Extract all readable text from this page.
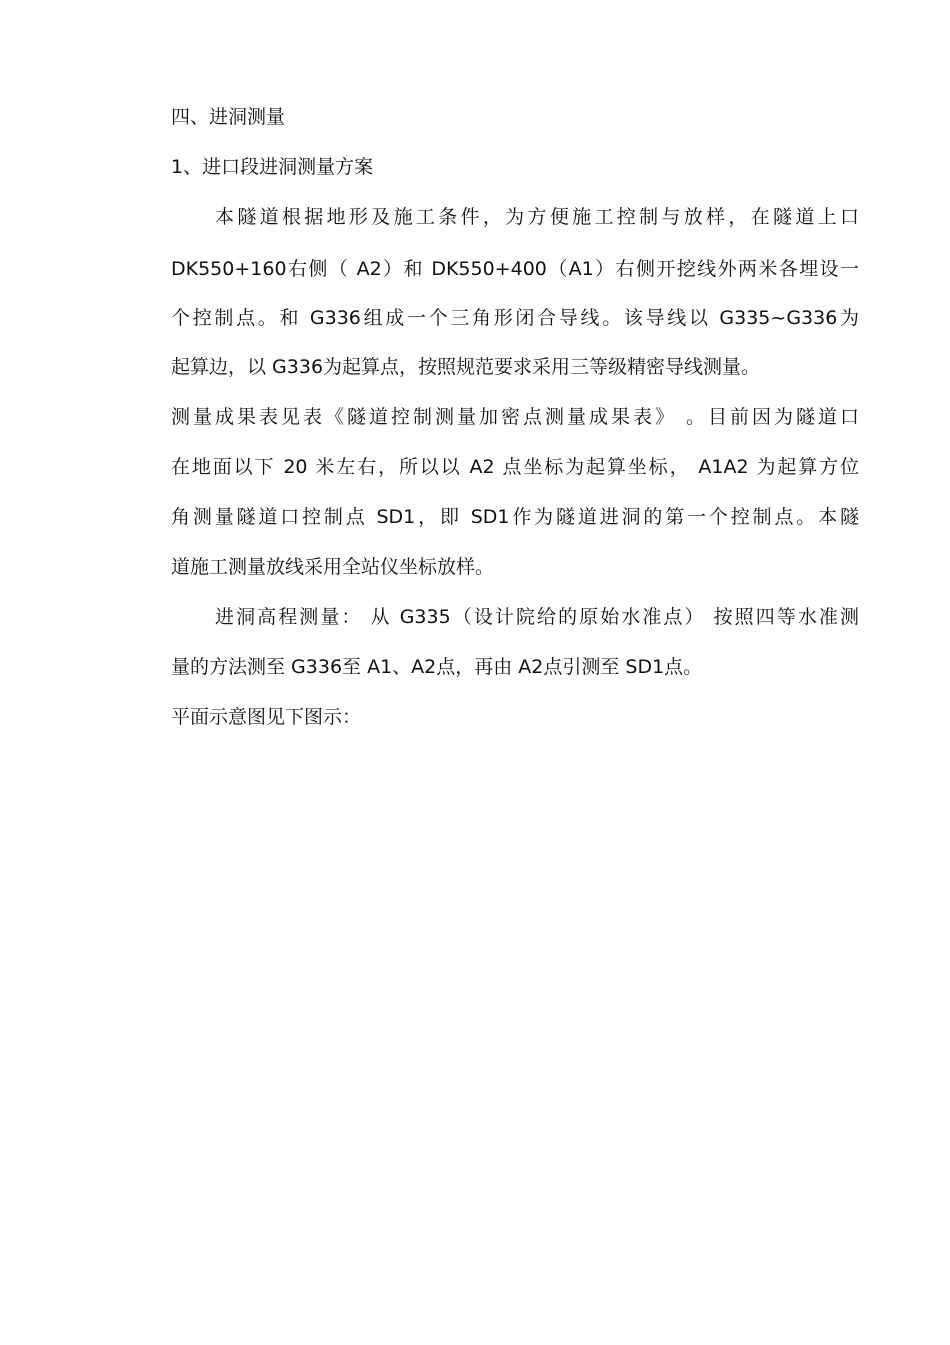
四、进洞测量
1、进口段进洞测量方案
本隧道根据地形及施工条件，为方便施工控制与放样，在隧道上口
DK550+160右侧（ A2）和 DK550+400（A1）右侧开挖线外两米各埋设一
个控制点。和 G336组成一个三角形闭合导线。该导线以 G335~G336为
起算边，以 G336为起算点，按照规范要求采用三等级精密导线测量。
测量成果表见表《隧道控制测量加密点测量成果表》 。目前因为隧道口
在地面以下 20 米左右，所以以 A2 点坐标为起算坐标， A1A2 为起算方位
角测量隧道口控制点 SD1，即 SD1作为隧道进洞的第一个控制点。本隧
道施工测量放线采用全站仪坐标放样。
进洞高程测量： 从 G335（设计院给的原始水准点） 按照四等水准测
量的方法测至 G336至 A1、A2点，再由 A2点引测至 SD1点。
平面示意图见下图示：
